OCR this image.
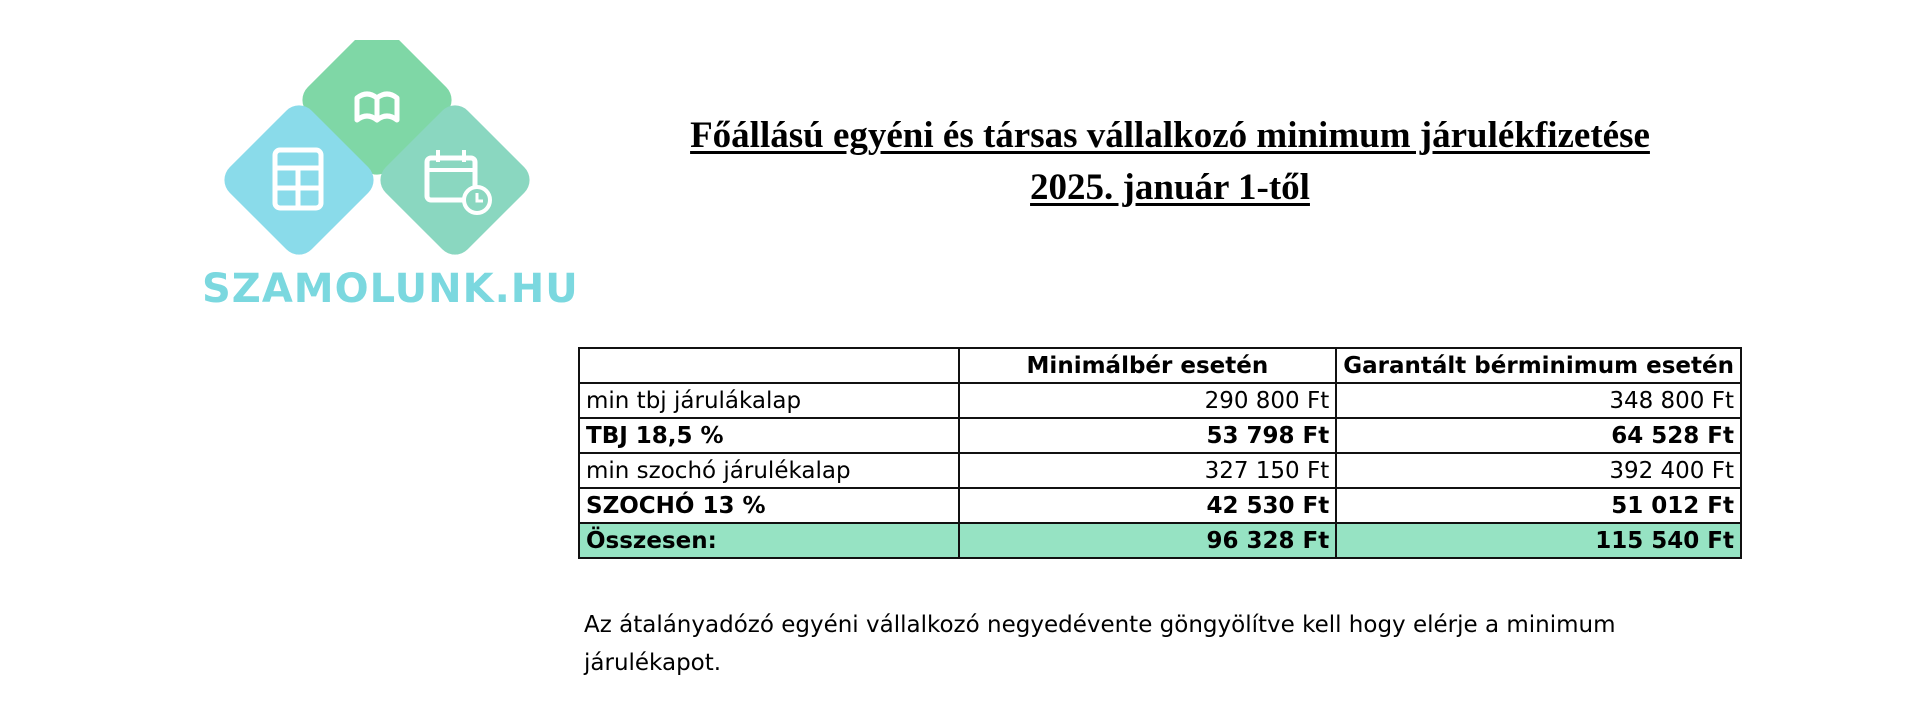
SZAMOLUNK.HU
Főállású egyéni és társas vállalkozó minimum járulékfizetése
2025. január 1-től
	Minimálbér esetén	Garantált bérminimum esetén
min tbj járulákalap	290 800 Ft	348 800 Ft
TBJ 18,5 %	53 798 Ft	64 528 Ft
min szochó járulékalap	327 150 Ft	392 400 Ft
SZOCHÓ 13 %	42 530 Ft	51 012 Ft
Összesen:	96 328 Ft	115 540 Ft
Az átalányadózó egyéni vállalkozó negyedévente göngyölítve kell hogy elérje a minimum
járulékapot.
